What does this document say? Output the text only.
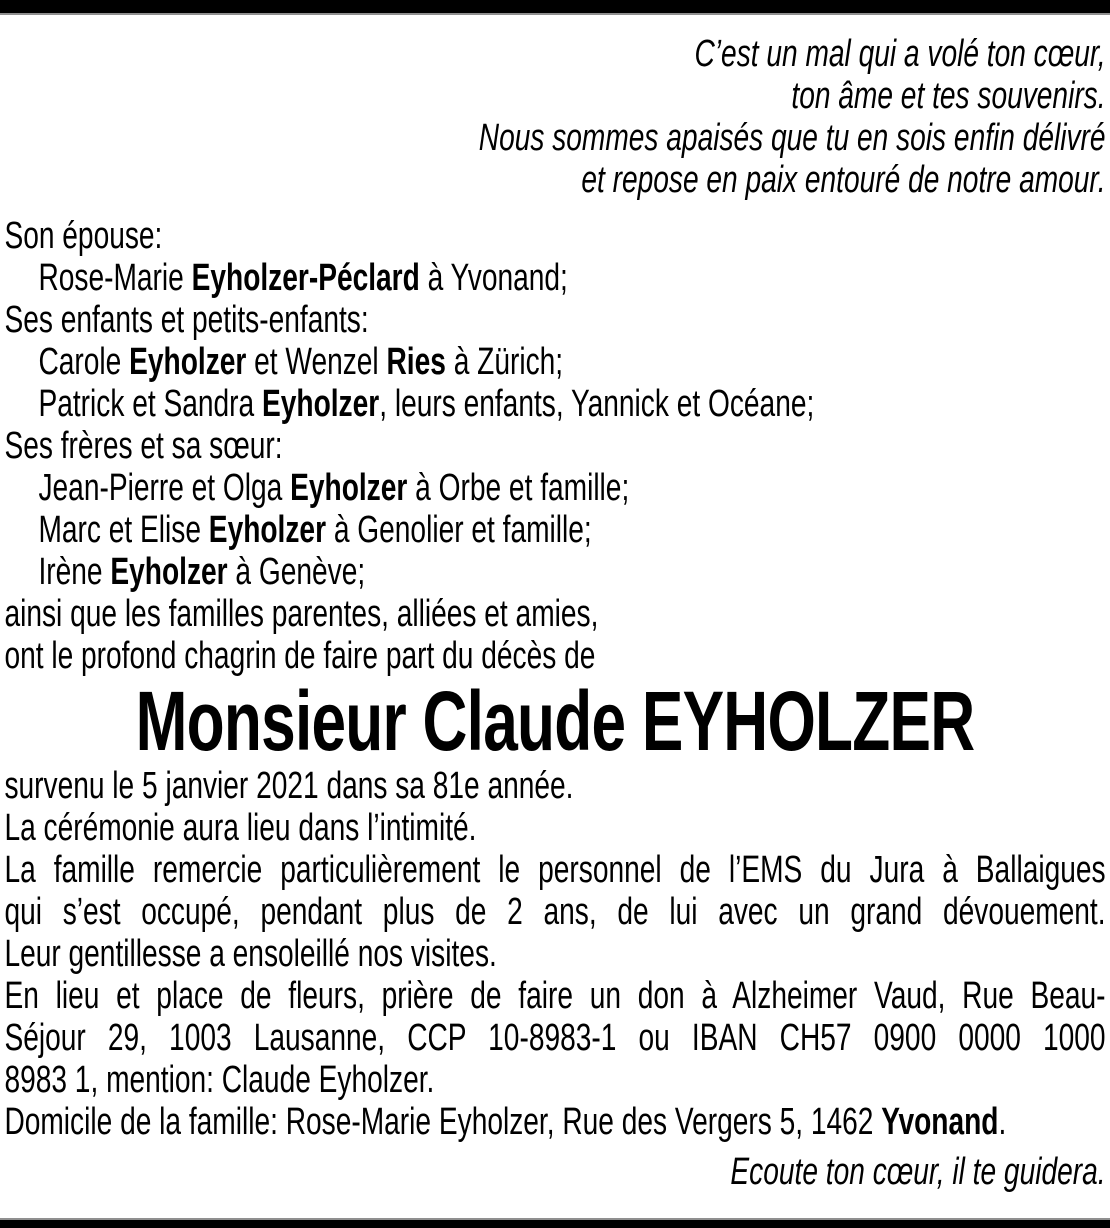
C’est un mal qui a volé ton cœur,
ton âme et tes souvenirs.
Nous sommes apaisés que tu en sois enfin délivré
et repose en paix entouré de notre amour.
Son épouse:
Rose-Marie Eyholzer-Péclard à Yvonand;
Ses enfants et petits-enfants:
Carole Eyholzer et Wenzel Ries à Zürich;
Patrick et Sandra Eyholzer, leurs enfants, Yannick et Océane;
Ses frères et sa sœur:
Jean-Pierre et Olga Eyholzer à Orbe et famille;
Marc et Elise Eyholzer à Genolier et famille;
Irène Eyholzer à Genève;
ainsi que les familles parentes, alliées et amies,
ont le profond chagrin de faire part du décès de
Monsieur Claude EYHOLZER
survenu le 5 janvier 2021 dans sa 81e année.
La cérémonie aura lieu dans l’intimité.
La famille remercie particulièrement le personnel de l’EMS du Jura à Ballaigues
qui s’est occupé, pendant plus de 2 ans, de lui avec un grand dévouement.
Leur gentillesse a ensoleillé nos visites.
En lieu et place de fleurs, prière de faire un don à Alzheimer Vaud, Rue Beau-
Séjour 29, 1003 Lausanne, CCP 10-8983-1 ou IBAN CH57 0900 0000 1000
8983 1, mention: Claude Eyholzer.
Domicile de la famille: Rose-Marie Eyholzer, Rue des Vergers 5, 1462 Yvonand.
Ecoute ton cœur, il te guidera.
